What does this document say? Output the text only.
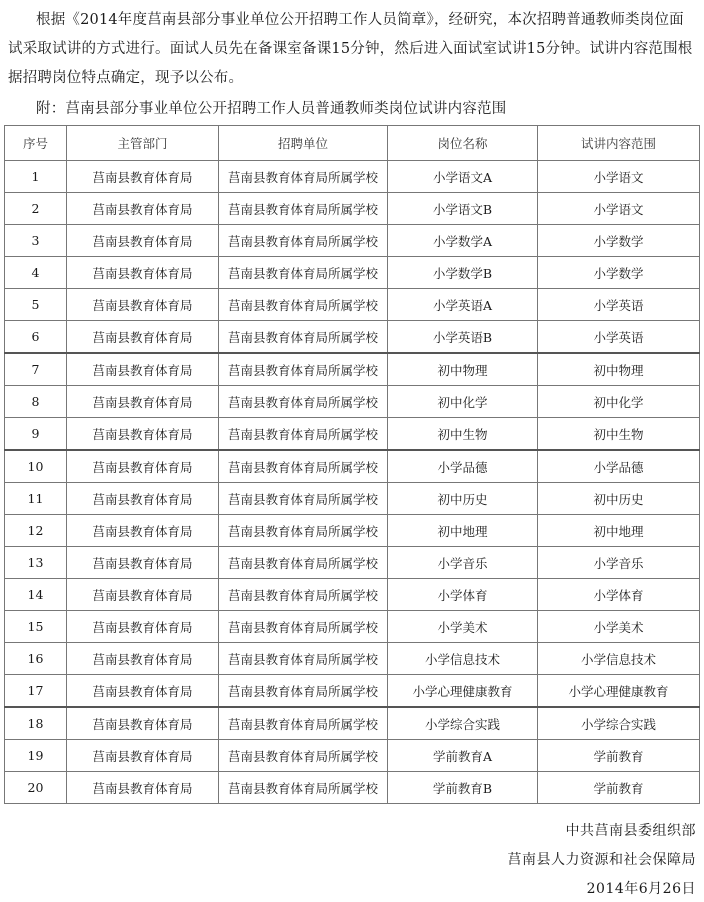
根据《2014年度莒南县部分事业单位公开招聘工作人员简章》，经研究，本次招聘普通教师类岗位面试采取试讲的方式进行。面试人员先在备课室备课15分钟，然后进入面试室试讲15分钟。试讲内容范围根据招聘岗位特点确定，现予以公布。

附：莒南县部分事业单位公开招聘工作人员普通教师类岗位试讲内容范围

序号	主管部门	招聘单位	岗位名称	试讲内容范围
1	莒南县教育体育局	莒南县教育体育局所属学校	小学语文A	小学语文
2	莒南县教育体育局	莒南县教育体育局所属学校	小学语文B	小学语文
3	莒南县教育体育局	莒南县教育体育局所属学校	小学数学A	小学数学
4	莒南县教育体育局	莒南县教育体育局所属学校	小学数学B	小学数学
5	莒南县教育体育局	莒南县教育体育局所属学校	小学英语A	小学英语
6	莒南县教育体育局	莒南县教育体育局所属学校	小学英语B	小学英语
7	莒南县教育体育局	莒南县教育体育局所属学校	初中物理	初中物理
8	莒南县教育体育局	莒南县教育体育局所属学校	初中化学	初中化学
9	莒南县教育体育局	莒南县教育体育局所属学校	初中生物	初中生物
10	莒南县教育体育局	莒南县教育体育局所属学校	小学品德	小学品德
11	莒南县教育体育局	莒南县教育体育局所属学校	初中历史	初中历史
12	莒南县教育体育局	莒南县教育体育局所属学校	初中地理	初中地理
13	莒南县教育体育局	莒南县教育体育局所属学校	小学音乐	小学音乐
14	莒南县教育体育局	莒南县教育体育局所属学校	小学体育	小学体育
15	莒南县教育体育局	莒南县教育体育局所属学校	小学美术	小学美术
16	莒南县教育体育局	莒南县教育体育局所属学校	小学信息技术	小学信息技术
17	莒南县教育体育局	莒南县教育体育局所属学校	小学心理健康教育	小学心理健康教育
18	莒南县教育体育局	莒南县教育体育局所属学校	小学综合实践	小学综合实践
19	莒南县教育体育局	莒南县教育体育局所属学校	学前教育A	学前教育
20	莒南县教育体育局	莒南县教育体育局所属学校	学前教育B	学前教育
中共莒南县委组织部
莒南县人力资源和社会保障局
2014年6月26日
